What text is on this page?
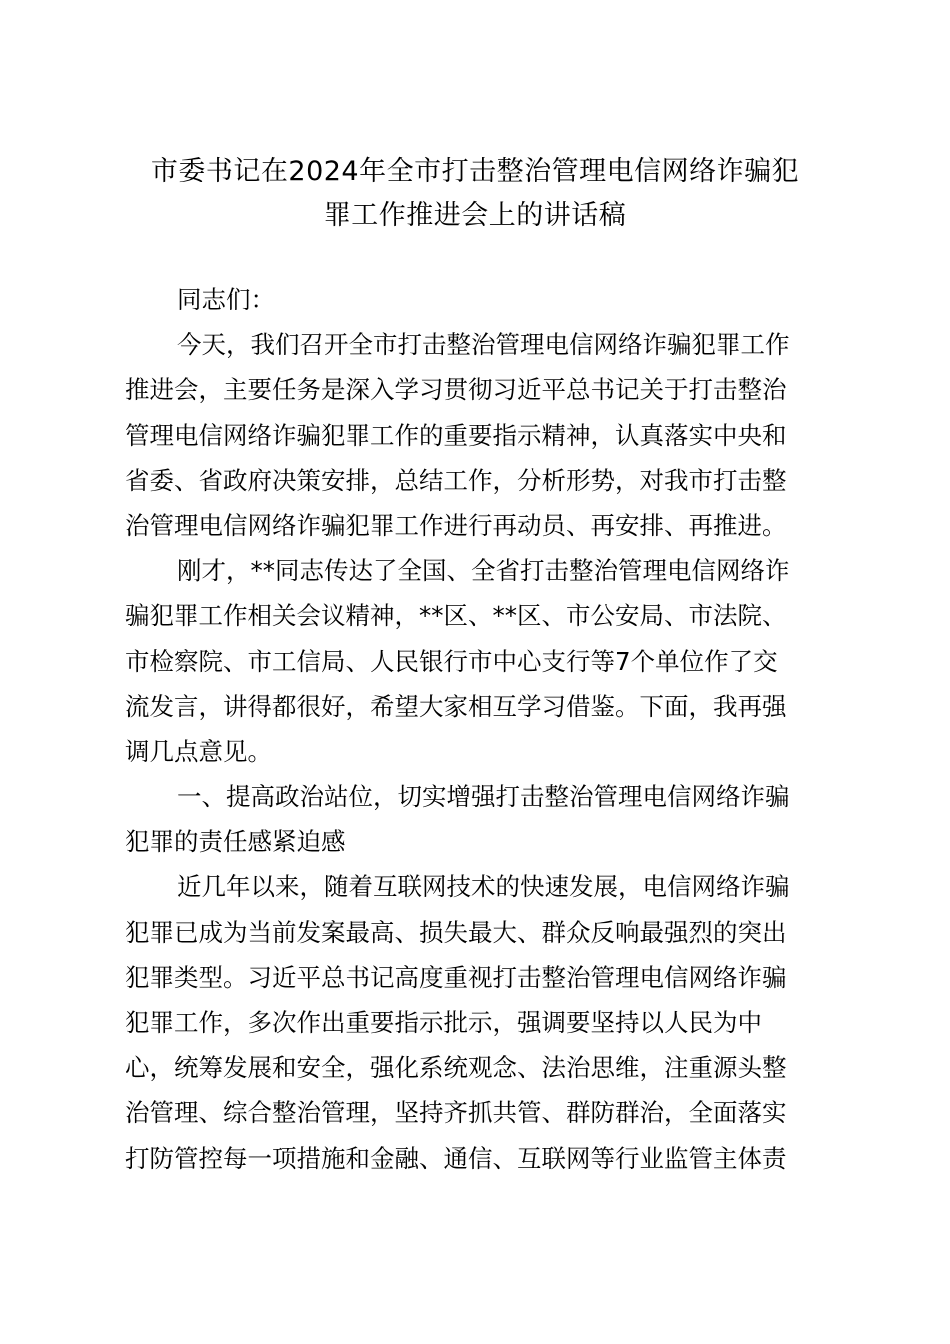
市委书记在2024年全市打击整治管理电信网络诈骗犯
罪工作推进会上的讲话稿
同志们：
今天，我们召开全市打击整治管理电信网络诈骗犯罪工作
推进会，主要任务是深入学习贯彻习近平总书记关于打击整治
管理电信网络诈骗犯罪工作的重要指示精神，认真落实中央和
省委、省政府决策安排，总结工作，分析形势，对我市打击整
治管理电信网络诈骗犯罪工作进行再动员、再安排、再推进。
刚才，**同志传达了全国、全省打击整治管理电信网络诈
骗犯罪工作相关会议精神，**区、**区、市公安局、市法院、
市检察院、市工信局、人民银行市中心支行等7个单位作了交
流发言，讲得都很好，希望大家相互学习借鉴。下面，我再强
调几点意见。
一、提高政治站位，切实增强打击整治管理电信网络诈骗
犯罪的责任感紧迫感
近几年以来，随着互联网技术的快速发展，电信网络诈骗
犯罪已成为当前发案最高、损失最大、群众反响最强烈的突出
犯罪类型。习近平总书记高度重视打击整治管理电信网络诈骗
犯罪工作，多次作出重要指示批示，强调要坚持以人民为中
心，统筹发展和安全，强化系统观念、法治思维，注重源头整
治管理、综合整治管理，坚持齐抓共管、群防群治，全面落实
打防管控每一项措施和金融、通信、互联网等行业监管主体责
